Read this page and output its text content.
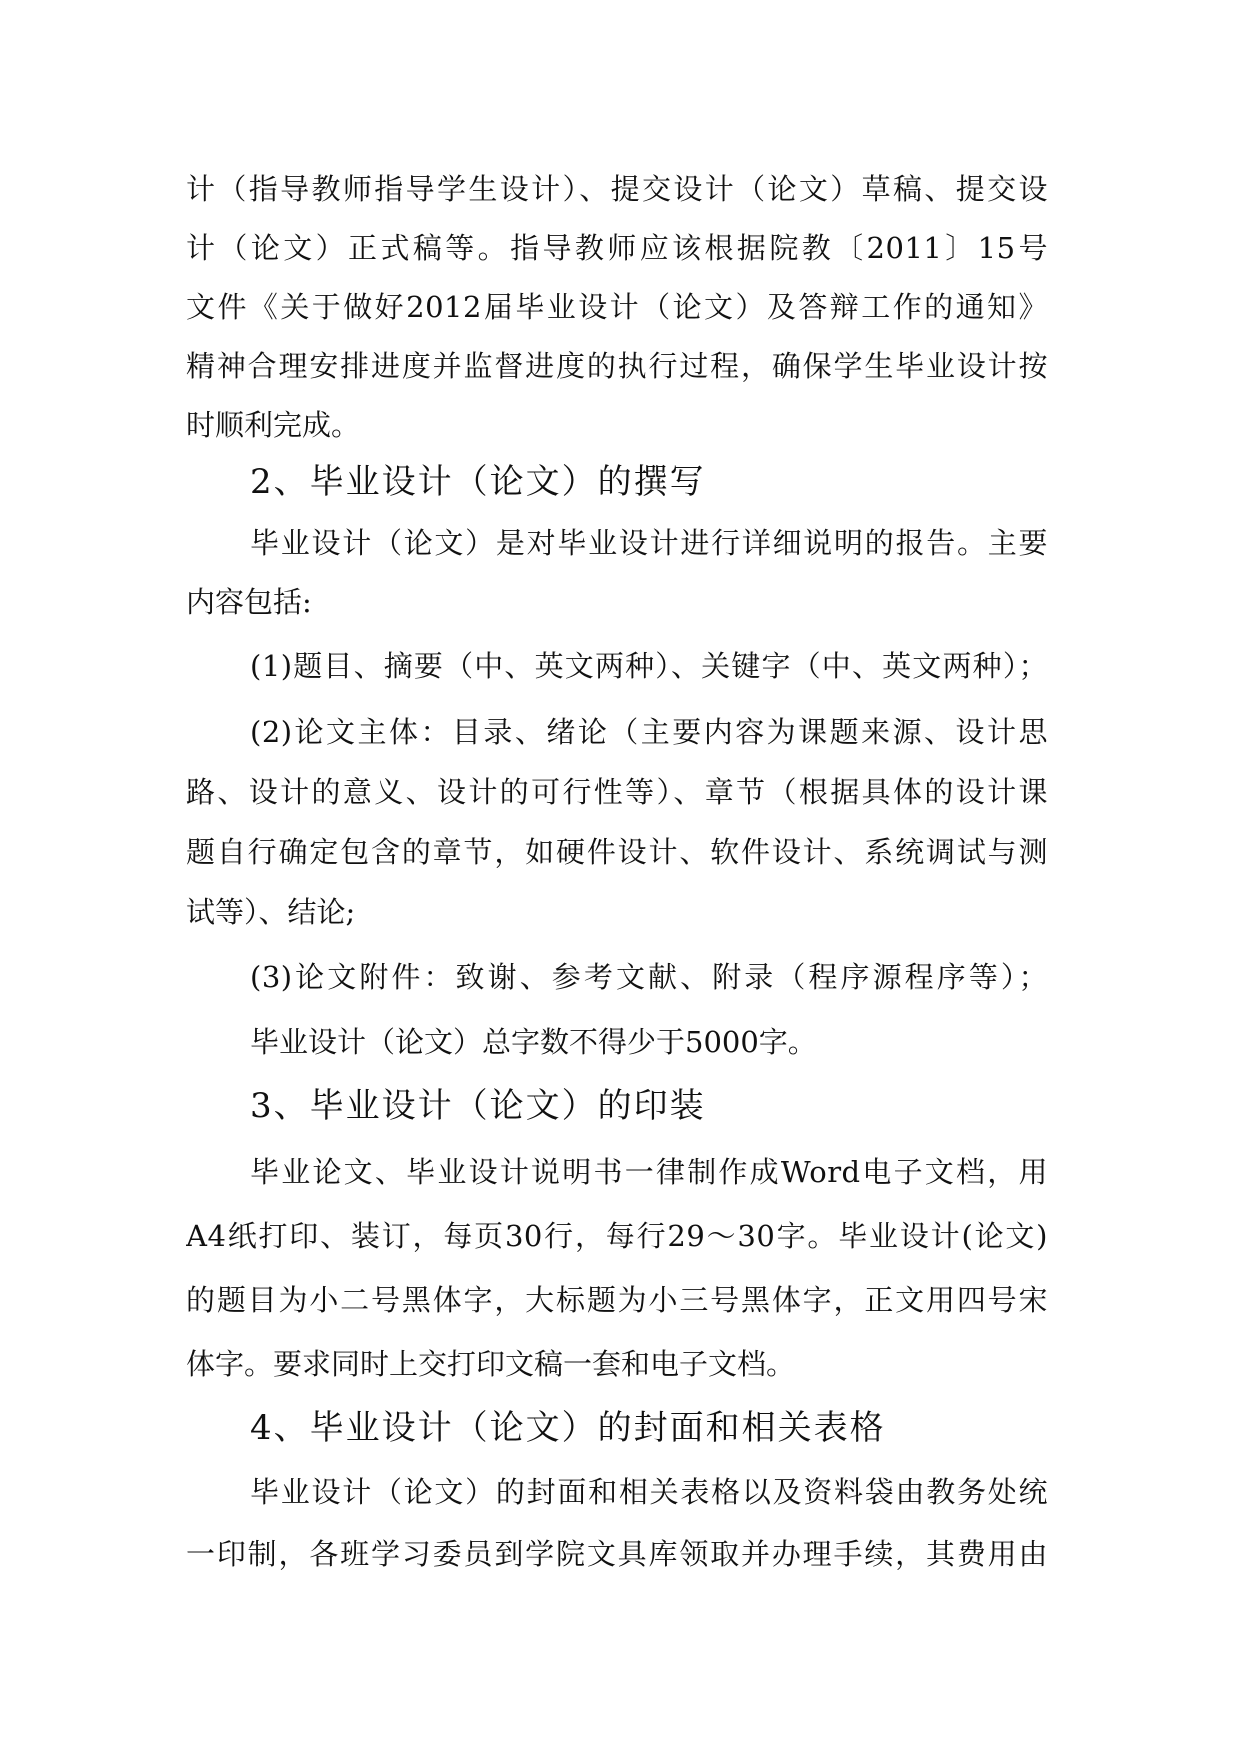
计（指导教师指导学生设计）、提交设计（论文）草稿、提交设
计（论文）正式稿等。指导教师应该根据院教〔2011〕15号
文件《关于做好2012届毕业设计（论文）及答辩工作的通知》
精神合理安排进度并监督进度的执行过程，确保学生毕业设计按
时顺利完成。
2、毕业设计（论文）的撰写
毕业设计（论文）是对毕业设计进行详细说明的报告。主要
内容包括:
(1)题目、摘要（中、英文两种）、关键字（中、英文两种）；
(2)论文主体：目录、绪论（主要内容为课题来源、设计思
路、设计的意义、设计的可行性等）、章节（根据具体的设计课
题自行确定包含的章节，如硬件设计、软件设计、系统调试与测
试等）、结论;
(3)论文附件：致谢、参考文献、附录（程序源程序等）；
毕业设计（论文）总字数不得少于5000字。
3、毕业设计（论文）的印装
毕业论文、毕业设计说明书一律制作成Word电子文档，用
A4纸打印、装订，每页30行，每行29～30字。毕业设计(论文)
的题目为小二号黑体字，大标题为小三号黑体字，正文用四号宋
体字。要求同时上交打印文稿一套和电子文档。
4、毕业设计（论文）的封面和相关表格
毕业设计（论文）的封面和相关表格以及资料袋由教务处统
一印制，各班学习委员到学院文具库领取并办理手续，其费用由
